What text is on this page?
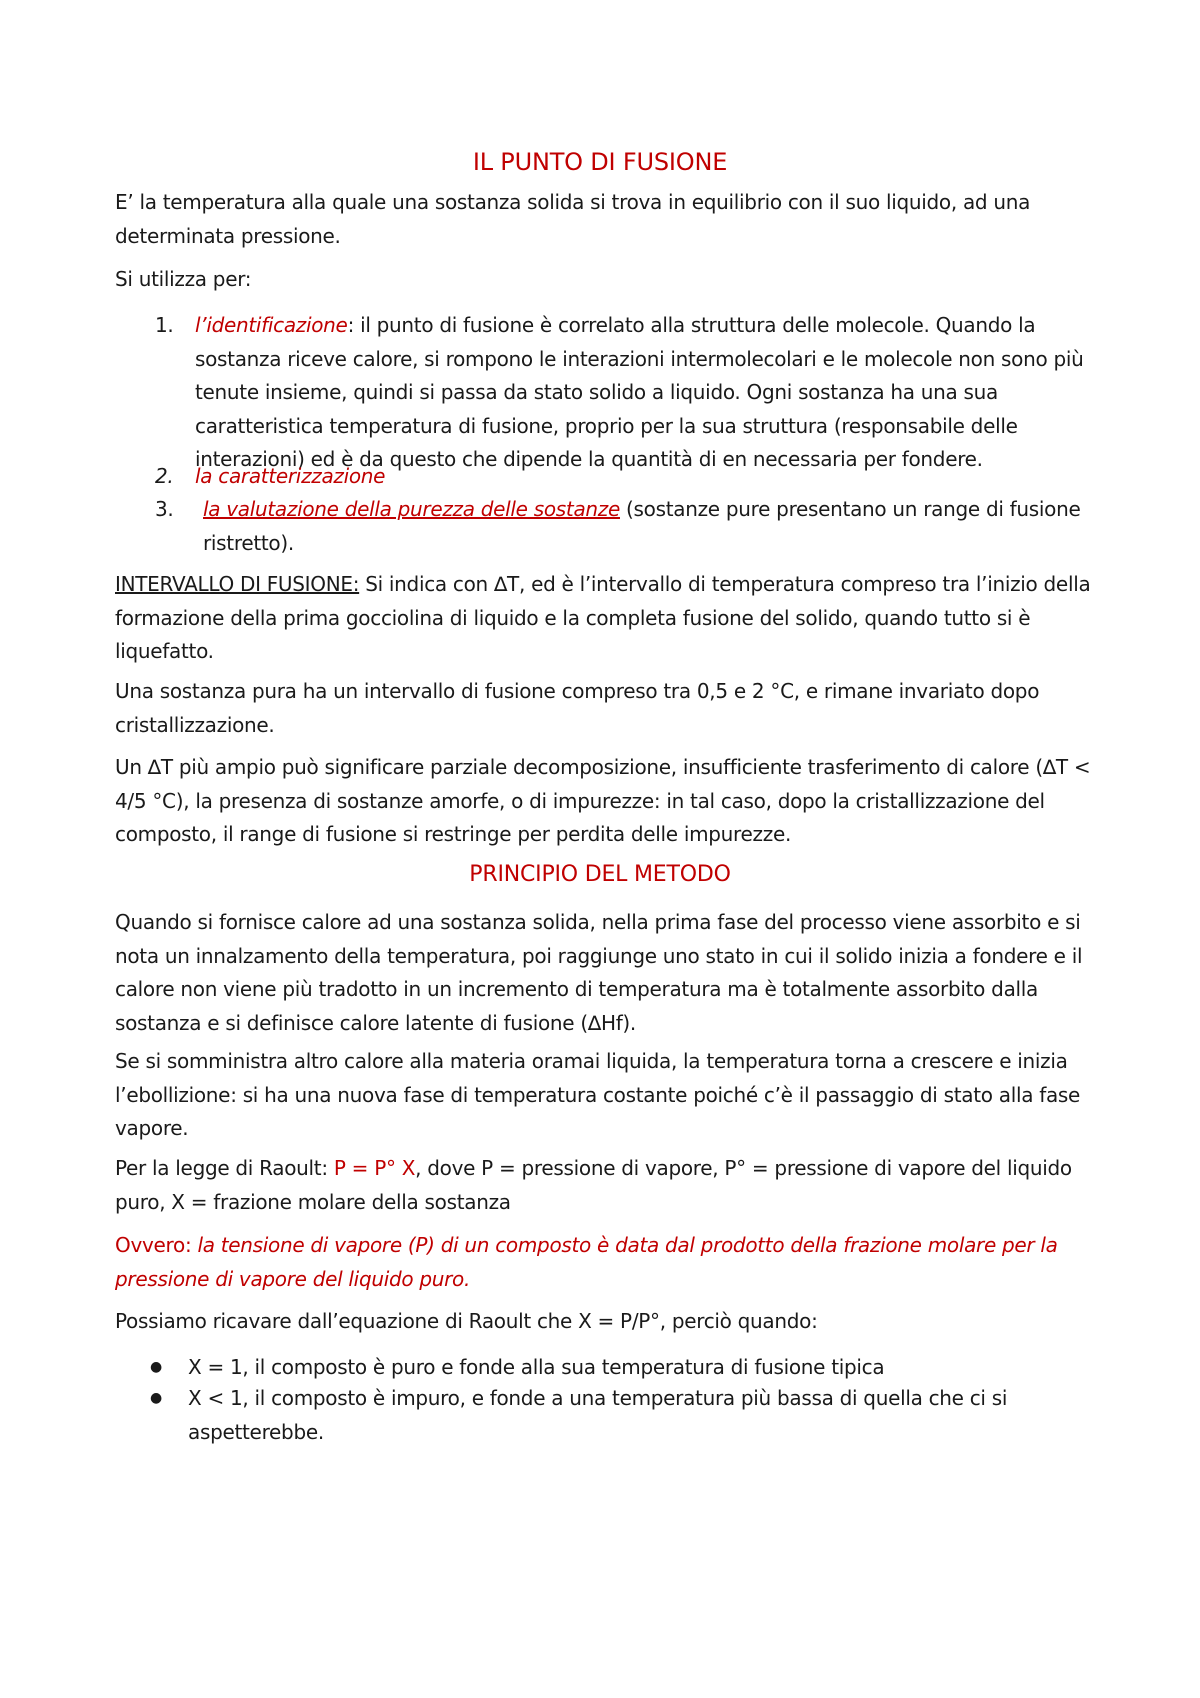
IL PUNTO DI FUSIONE
E’ la temperatura alla quale una sostanza solida si trova in equilibrio con il suo liquido, ad una determinata pressione.
Si utilizza per:
1. l’identificazione: il punto di fusione è correlato alla struttura delle molecole. Quando la sostanza riceve calore, si rompono le interazioni intermolecolari e le molecole non sono più tenute insieme, quindi si passa da stato solido a liquido. Ogni sostanza ha una sua caratteristica temperatura di fusione, proprio per la sua struttura (responsabile delle interazioni) ed è da questo che dipende la quantità di en necessaria per fondere.
2. la caratterizzazione
3. la valutazione della purezza delle sostanze (sostanze pure presentano un range di fusione ristretto).
INTERVALLO DI FUSIONE: Si indica con ∆T, ed è l’intervallo di temperatura compreso tra l’inizio della formazione della prima gocciolina di liquido e la completa fusione del solido, quando tutto si è liquefatto.
Una sostanza pura ha un intervallo di fusione compreso tra 0,5 e 2 °C, e rimane invariato dopo cristallizzazione.
Un ∆T più ampio può significare parziale decomposizione, insufficiente trasferimento di calore (∆T < 4/5 °C), la presenza di sostanze amorfe, o di impurezze: in tal caso, dopo la cristallizzazione del composto, il range di fusione si restringe per perdita delle impurezze.
PRINCIPIO DEL METODO
Quando si fornisce calore ad una sostanza solida, nella prima fase del processo viene assorbito e si nota un innalzamento della temperatura, poi raggiunge uno stato in cui il solido inizia a fondere e il calore non viene più tradotto in un incremento di temperatura ma è totalmente assorbito dalla sostanza e si definisce calore latente di fusione (∆Hf).
Se si somministra altro calore alla materia oramai liquida, la temperatura torna a crescere e inizia l’ebollizione: si ha una nuova fase di temperatura costante poiché c’è il passaggio di stato alla fase vapore.
Per la legge di Raoult: P = P° X, dove P = pressione di vapore, P° = pressione di vapore del liquido puro, X = frazione molare della sostanza
Ovvero: la tensione di vapore (P) di un composto è data dal prodotto della frazione molare per la pressione di vapore del liquido puro.
Possiamo ricavare dall’equazione di Raoult che X = P/P°, perciò quando:
● X = 1, il composto è puro e fonde alla sua temperatura di fusione tipica
● X < 1, il composto è impuro, e fonde a una temperatura più bassa di quella che ci si aspetterebbe.
